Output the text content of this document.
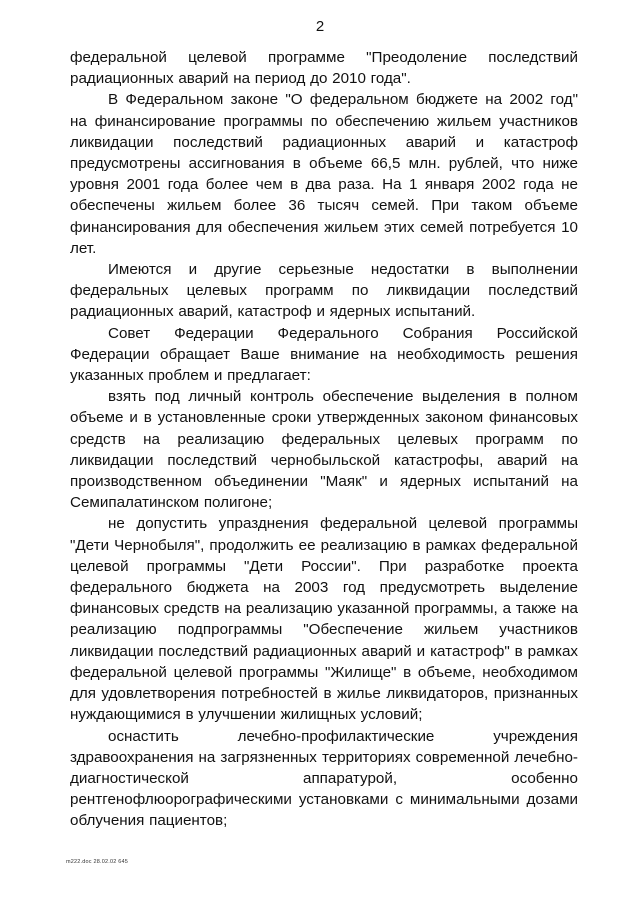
2

федеральной целевой программе "Преодоление последствий радиационных аварий на период до 2010 года".

В Федеральном законе "О федеральном бюджете на 2002 год" на финансирование программы по обеспечению жильем участников ликвидации последствий радиационных аварий и катастроф предусмотрены ассигнования в объеме 66,5 млн. рублей, что ниже уровня 2001 года более чем в два раза. На 1 января 2002 года не обеспечены жильем более 36 тысяч семей. При таком объеме финансирования для обеспечения жильем этих семей потребуется 10 лет.

Имеются и другие серьезные недостатки в выполнении федеральных целевых программ по ликвидации последствий радиационных аварий, катастроф и ядерных испытаний.

Совет Федерации Федерального Собрания Российской Федерации обращает Ваше внимание на необходимость решения указанных проблем и предлагает:

взять под личный контроль обеспечение выделения в полном объеме и в установленные сроки утвержденных законом финансовых средств на реализацию федеральных целевых программ по ликвидации последствий чернобыльской катастрофы, аварий на производственном объединении "Маяк" и ядерных испытаний на Семипалатинском полигоне;

не допустить упразднения федеральной целевой программы "Дети Чернобыля", продолжить ее реализацию в рамках федеральной целевой программы "Дети России". При разработке проекта федерального бюджета на 2003 год предусмотреть выделение финансовых средств на реализацию указанной программы, а также на реализацию подпрограммы "Обеспечение жильем участников ликвидации последствий радиационных аварий и катастроф" в рамках федеральной целевой программы "Жилище" в объеме, необходимом для удовлетворения потребностей в жилье ликвидаторов, признанных нуждающимися в улучшении жилищных условий;

оснастить лечебно-профилактические учреждения здравоохранения на загрязненных территориях современной лечебно-диагностической аппаратурой, особенно рентгенофлюорографическими установками с минимальными дозами облучения пациентов;

m222.doc 28.02.02 645
